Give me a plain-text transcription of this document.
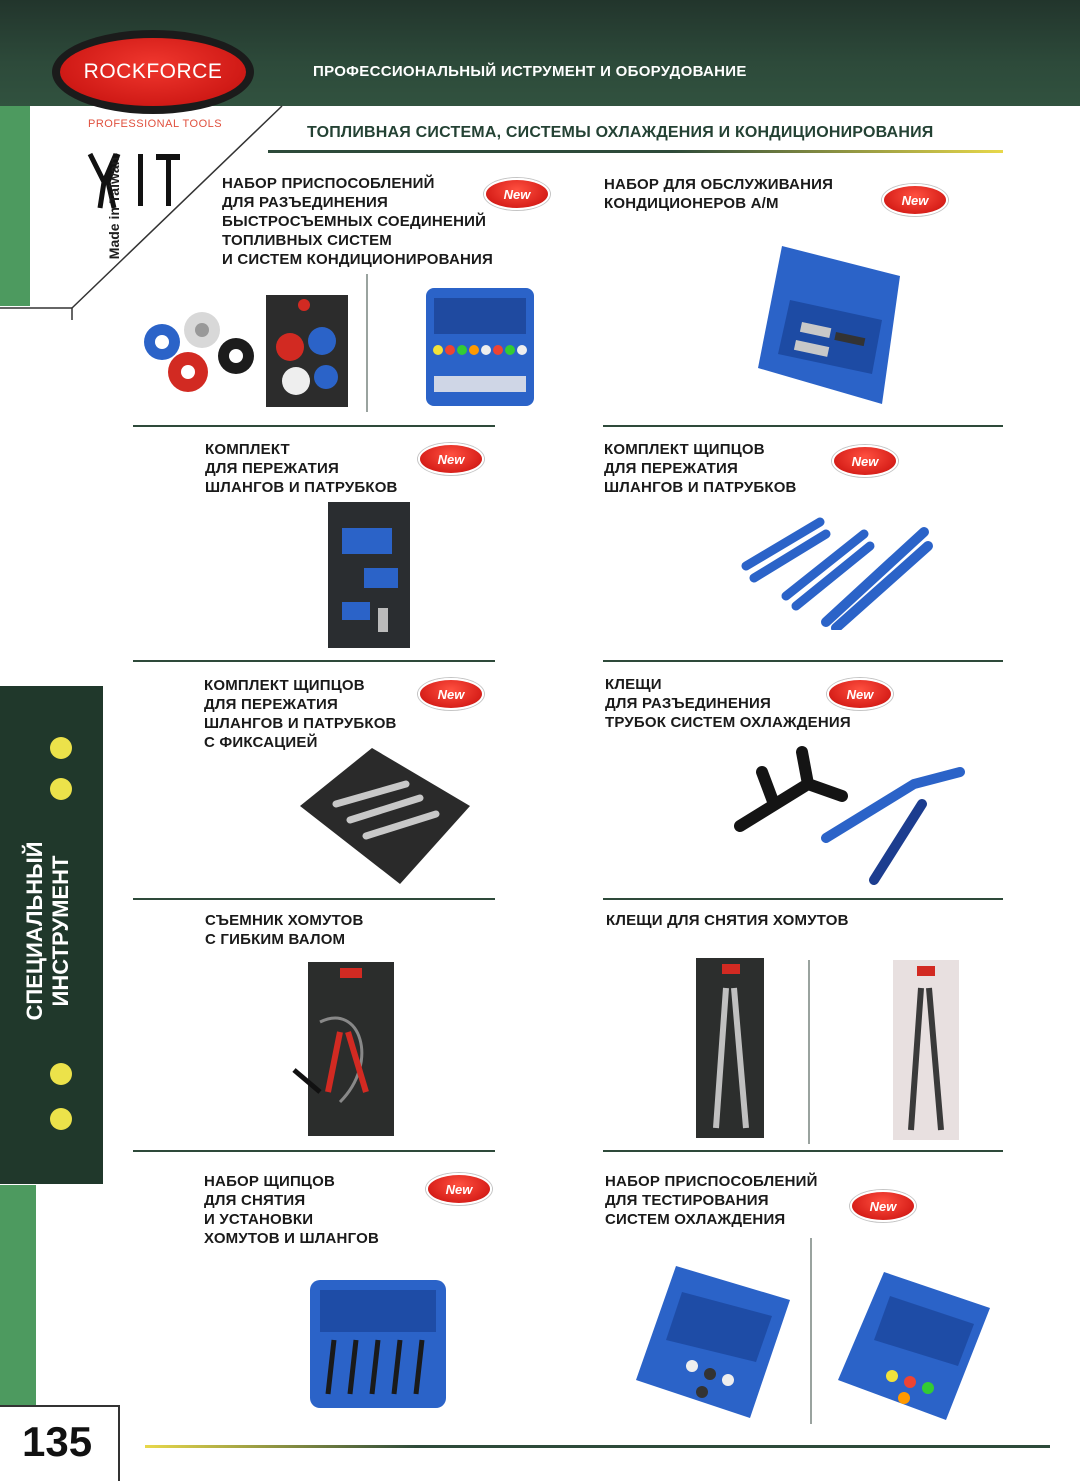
ROCKFORCE
PROFESSIONAL TOOLS
ПРОФЕССИОНАЛЬНЫЙ ИСТРУМЕНТ И ОБОРУДОВАНИЕ
Made in Taiwan
СПЕЦИАЛЬНЫЙ ИНСТРУМЕНТ
ТОПЛИВНАЯ СИСТЕМА, СИСТЕМЫ ОХЛАЖДЕНИЯ И КОНДИЦИОНИРОВАНИЯ
НАБОР ПРИСПОСОБЛЕНИЙ
ДЛЯ РАЗЪЕДИНЕНИЯ
БЫСТРОСЪЕМНЫХ СОЕДИНЕНИЙ
ТОПЛИВНЫХ СИСТЕМ
И СИСТЕМ КОНДИЦИОНИРОВАНИЯ
New
НАБОР ДЛЯ ОБСЛУЖИВАНИЯ
КОНДИЦИОНЕРОВ А/М	New
КОМПЛЕКТ
ДЛЯ ПЕРЕЖАТИЯ
ШЛАНГОВ И ПАТРУБКОВ
New
КОМПЛЕКТ ЩИПЦОВ
ДЛЯ ПЕРЕЖАТИЯ
ШЛАНГОВ И ПАТРУБКОВ
New
КОМПЛЕКТ ЩИПЦОВ
ДЛЯ ПЕРЕЖАТИЯ
ШЛАНГОВ И ПАТРУБКОВ
С ФИКСАЦИЕЙ
New
КЛЕЩИ
ДЛЯ РАЗЪЕДИНЕНИЯ
ТРУБОК СИСТЕМ ОХЛАЖДЕНИЯ
New
СЪЕМНИК ХОМУТОВ
С ГИБКИМ ВАЛОМ
КЛЕЩИ ДЛЯ СНЯТИЯ ХОМУТОВ
НАБОР ЩИПЦОВ
ДЛЯ СНЯТИЯ
И УСТАНОВКИ
ХОМУТОВ И ШЛАНГОВ
New	НАБОР ПРИСПОСОБЛЕНИЙ
ДЛЯ ТЕСТИРОВАНИЯ
СИСТЕМ ОХЛАЖДЕНИЯ
New
135
